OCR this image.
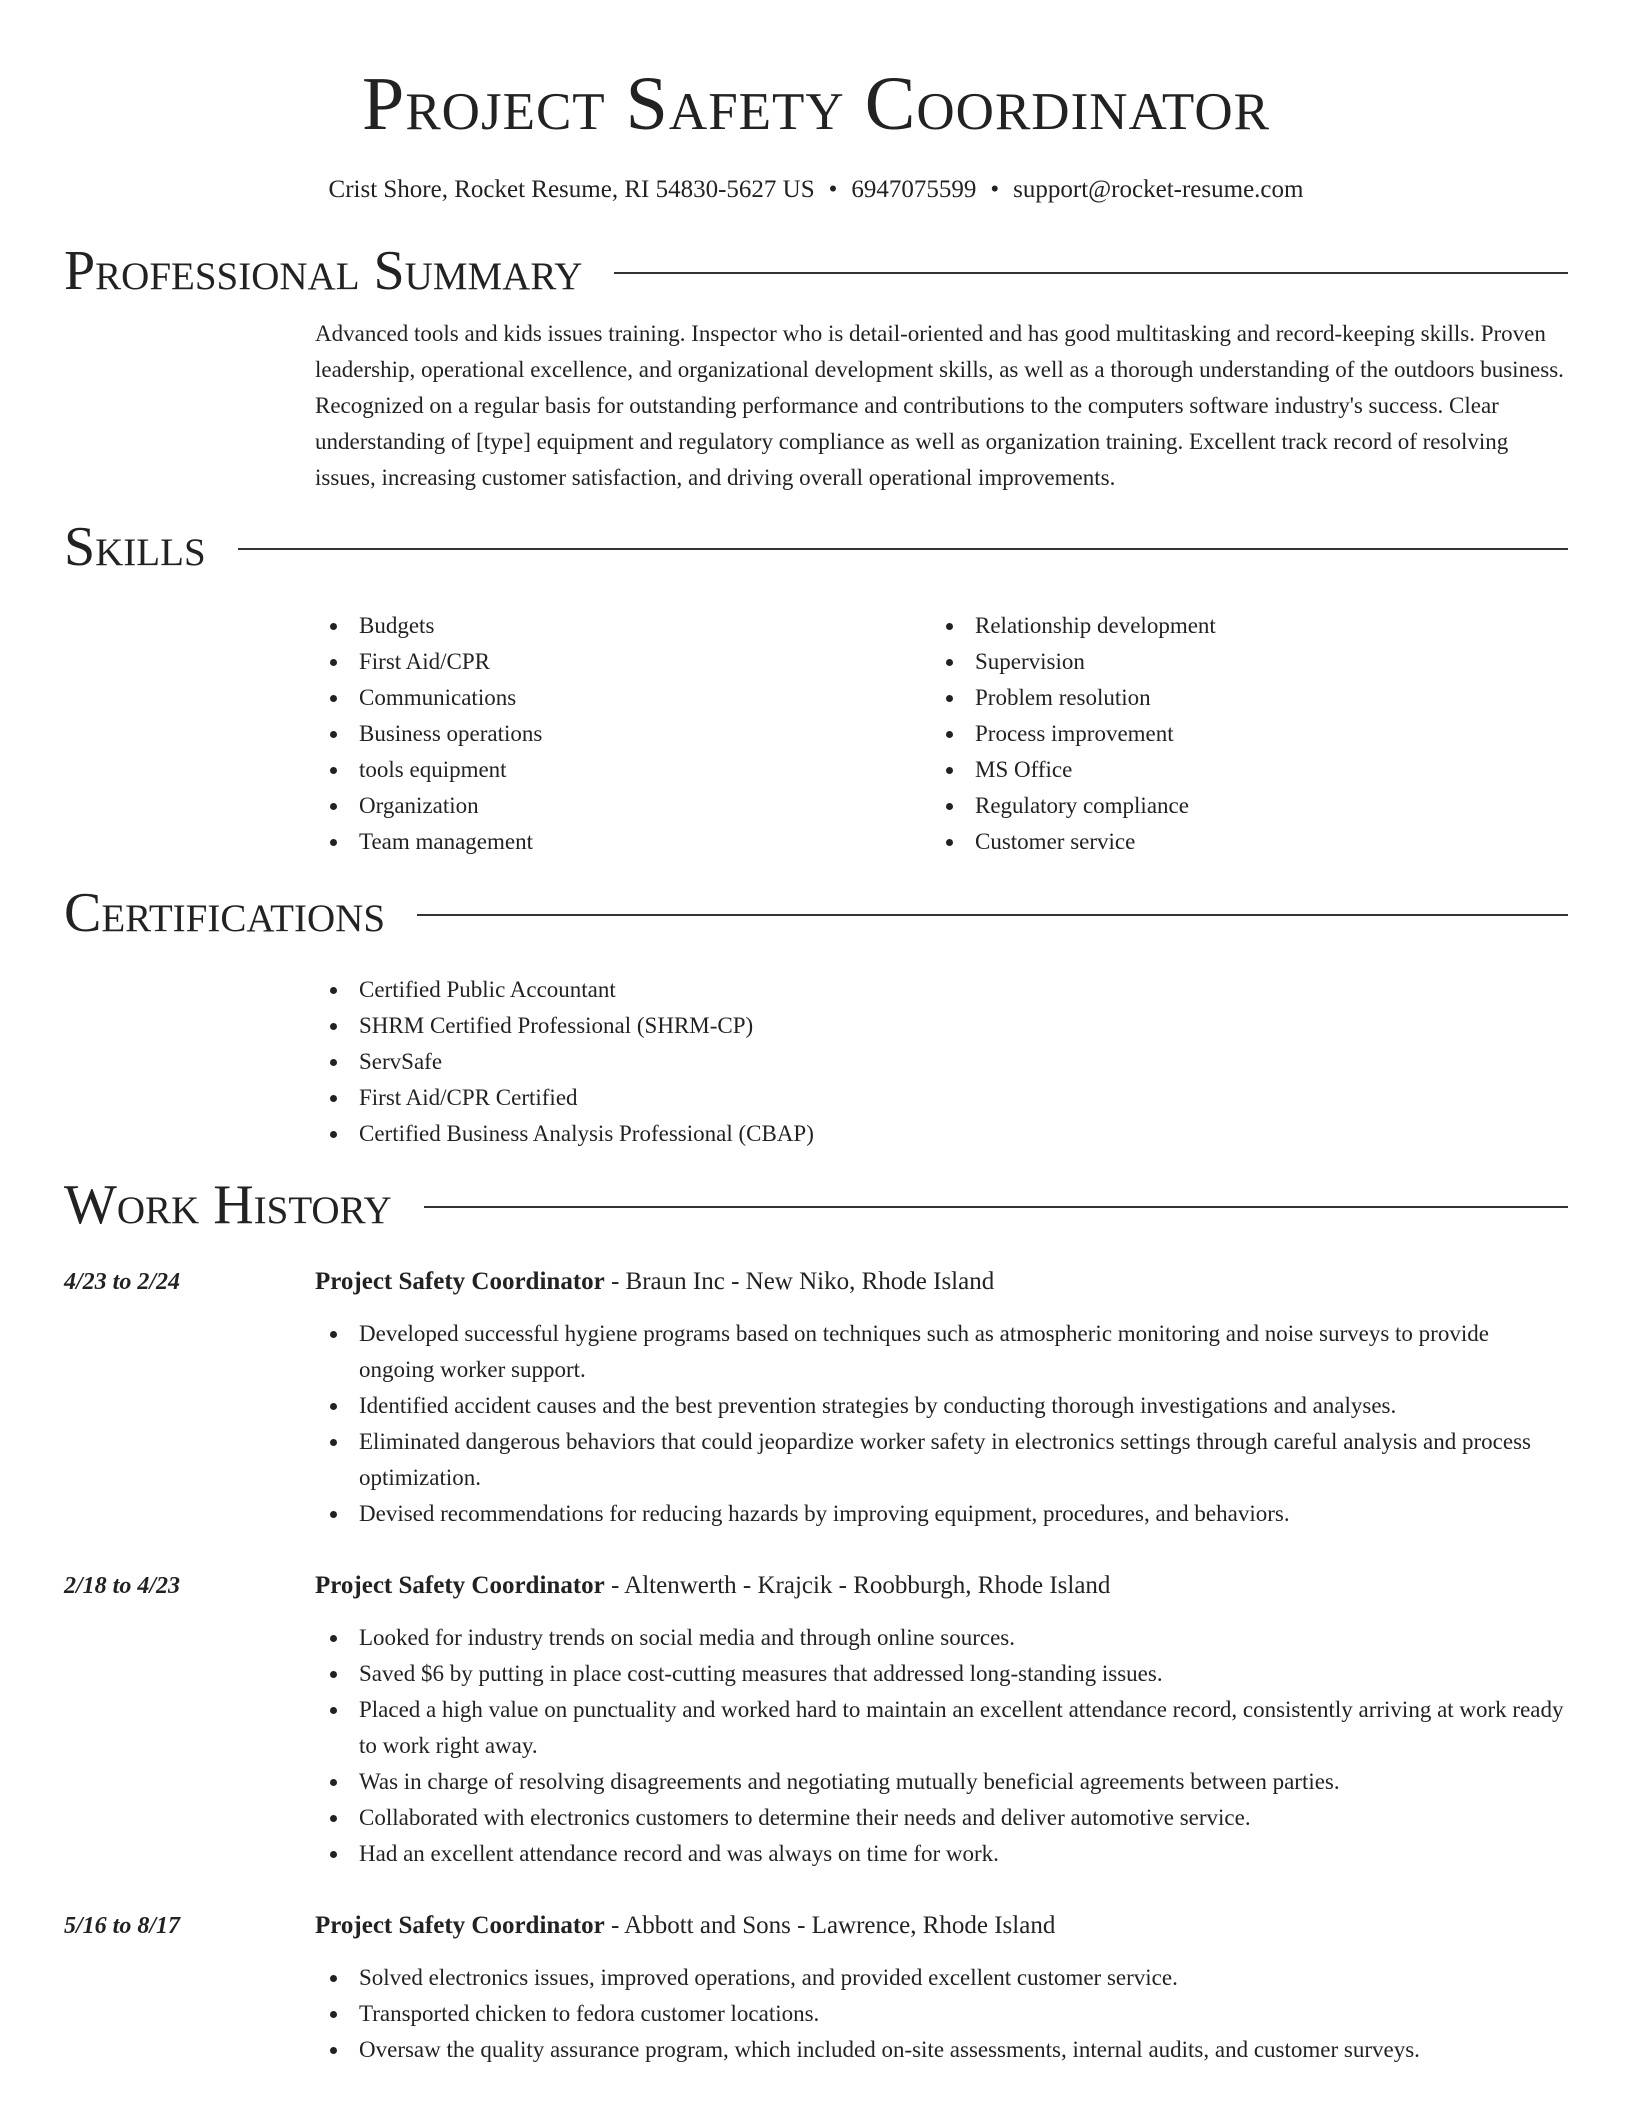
Project Safety Coordinator
Crist Shore, Rocket Resume, RI 54830-5627 US • 6947075599 • support@rocket-resume.com
Professional Summary
Advanced tools and kids issues training. Inspector who is detail-oriented and has good multitasking and record-keeping skills. Proven leadership, operational excellence, and organizational development skills, as well as a thorough understanding of the outdoors business. Recognized on a regular basis for outstanding performance and contributions to the computers software industry's success. Clear understanding of [type] equipment and regulatory compliance as well as organization training. Excellent track record of resolving issues, increasing customer satisfaction, and driving overall operational improvements.
Skills
Budgets
First Aid/CPR
Communications
Business operations
tools equipment
Organization
Team management
Relationship development
Supervision
Problem resolution
Process improvement
MS Office
Regulatory compliance
Customer service
Certifications
Certified Public Accountant
SHRM Certified Professional (SHRM-CP)
ServSafe
First Aid/CPR Certified
Certified Business Analysis Professional (CBAP)
Work History
4/23 to 2/24	Project Safety Coordinator - Braun Inc - New Niko, Rhode Island
Developed successful hygiene programs based on techniques such as atmospheric monitoring and noise surveys to provide ongoing worker support.
Identified accident causes and the best prevention strategies by conducting thorough investigations and analyses.
Eliminated dangerous behaviors that could jeopardize worker safety in electronics settings through careful analysis and process optimization.
Devised recommendations for reducing hazards by improving equipment, procedures, and behaviors.
2/18 to 4/23	Project Safety Coordinator - Altenwerth - Krajcik - Roobburgh, Rhode Island
Looked for industry trends on social media and through online sources.
Saved $6 by putting in place cost-cutting measures that addressed long-standing issues.
Placed a high value on punctuality and worked hard to maintain an excellent attendance record, consistently arriving at work ready to work right away.
Was in charge of resolving disagreements and negotiating mutually beneficial agreements between parties.
Collaborated with electronics customers to determine their needs and deliver automotive service.
Had an excellent attendance record and was always on time for work.
5/16 to 8/17	Project Safety Coordinator - Abbott and Sons - Lawrence, Rhode Island
Solved electronics issues, improved operations, and provided excellent customer service.
Transported chicken to fedora customer locations.
Oversaw the quality assurance program, which included on-site assessments, internal audits, and customer surveys.
